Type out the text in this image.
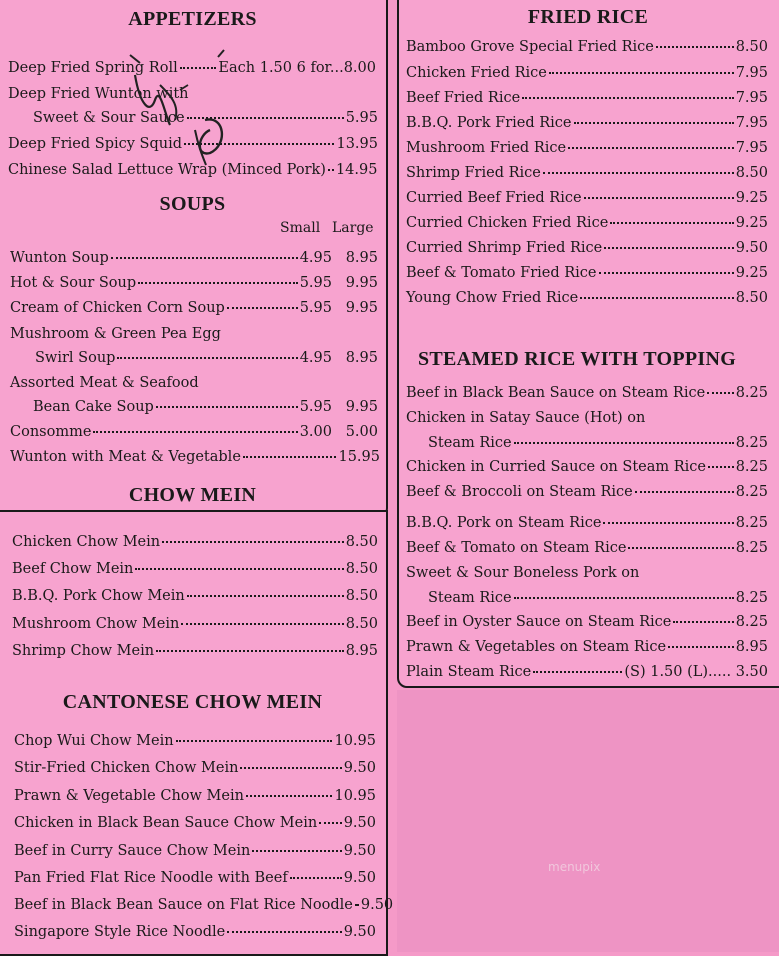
APPETIZERS
Deep Fried Spring Roll	Each 1.50 6 for...8.00
Deep Fried Wunton with
Sweet & Sour Sauce	5.95
Deep Fried Spicy Squid	13.95
Chinese Salad Lettuce Wrap (Minced Pork) 14.95
SOUPS
Small Large
Wunton Soup	4.95 8.95
Hot & Sour Soup	5.95 9.95
Cream of Chicken Corn Soup	5.95 9.95
Mushroom & Green Pea Egg
Swirl Soup	4.95 8.95
Assorted Meat & Seafood
Bean Cake Soup	5.95 9.95
Consomme	3.00 5.00
Wunton with Meat & Vegetable	15.95
CHOW MEIN
Chicken Chow Mein	8.50
Beef Chow Mein	8.50
B.B.Q. Pork Chow Mein	8.50
Mushroom Chow Mein	8.50
Shrimp Chow Mein	8.95
CANTONESE CHOW MEIN
Chop Wui Chow Mein	10.95
Stir-Fried Chicken Chow Mein	9.50
Prawn & Vegetable Chow Mein	10.95
Chicken in Black Bean Sauce Chow Mein 9.50
Beef in Curry Sauce Chow Mein	9.50
Pan Fried Flat Rice Noodle with Beef	9.50
Beef in Black Bean Sauce on Flat Rice Noodle 9.50
Singapore Style Rice Noodle	9.50
FRIED RICE
Bamboo Grove Special Fried Rice	8.50
Chicken Fried Rice	7.95
Beef Fried Rice	7.95
B.B.Q. Pork Fried Rice	7.95
Mushroom Fried Rice	7.95
Shrimp Fried Rice	8.50
Curried Beef Fried Rice	9.25
Curried Chicken Fried Rice	9.25
Curried Shrimp Fried Rice	9.50
Beef & Tomato Fried Rice	9.25
Young Chow Fried Rice	8.50
STEAMED RICE WITH TOPPING
Beef in Black Bean Sauce on Steam Rice 8.25
Chicken in Satay Sauce (Hot) on
Steam Rice	8.25
Chicken in Curried Sauce on Steam Rice 8.25
Beef & Broccoli on Steam Rice	8.25
B.B.Q. Pork on Steam Rice	8.25
Beef & Tomato on Steam Rice	8.25
Sweet & Sour Boneless Pork on
Steam Rice	8.25
Beef in Oyster Sauce on Steam Rice	8.25
Prawn & Vegetables on Steam Rice	8.95
Plain Steam Rice	(S) 1.50 (L)..... 3.50
menupix
